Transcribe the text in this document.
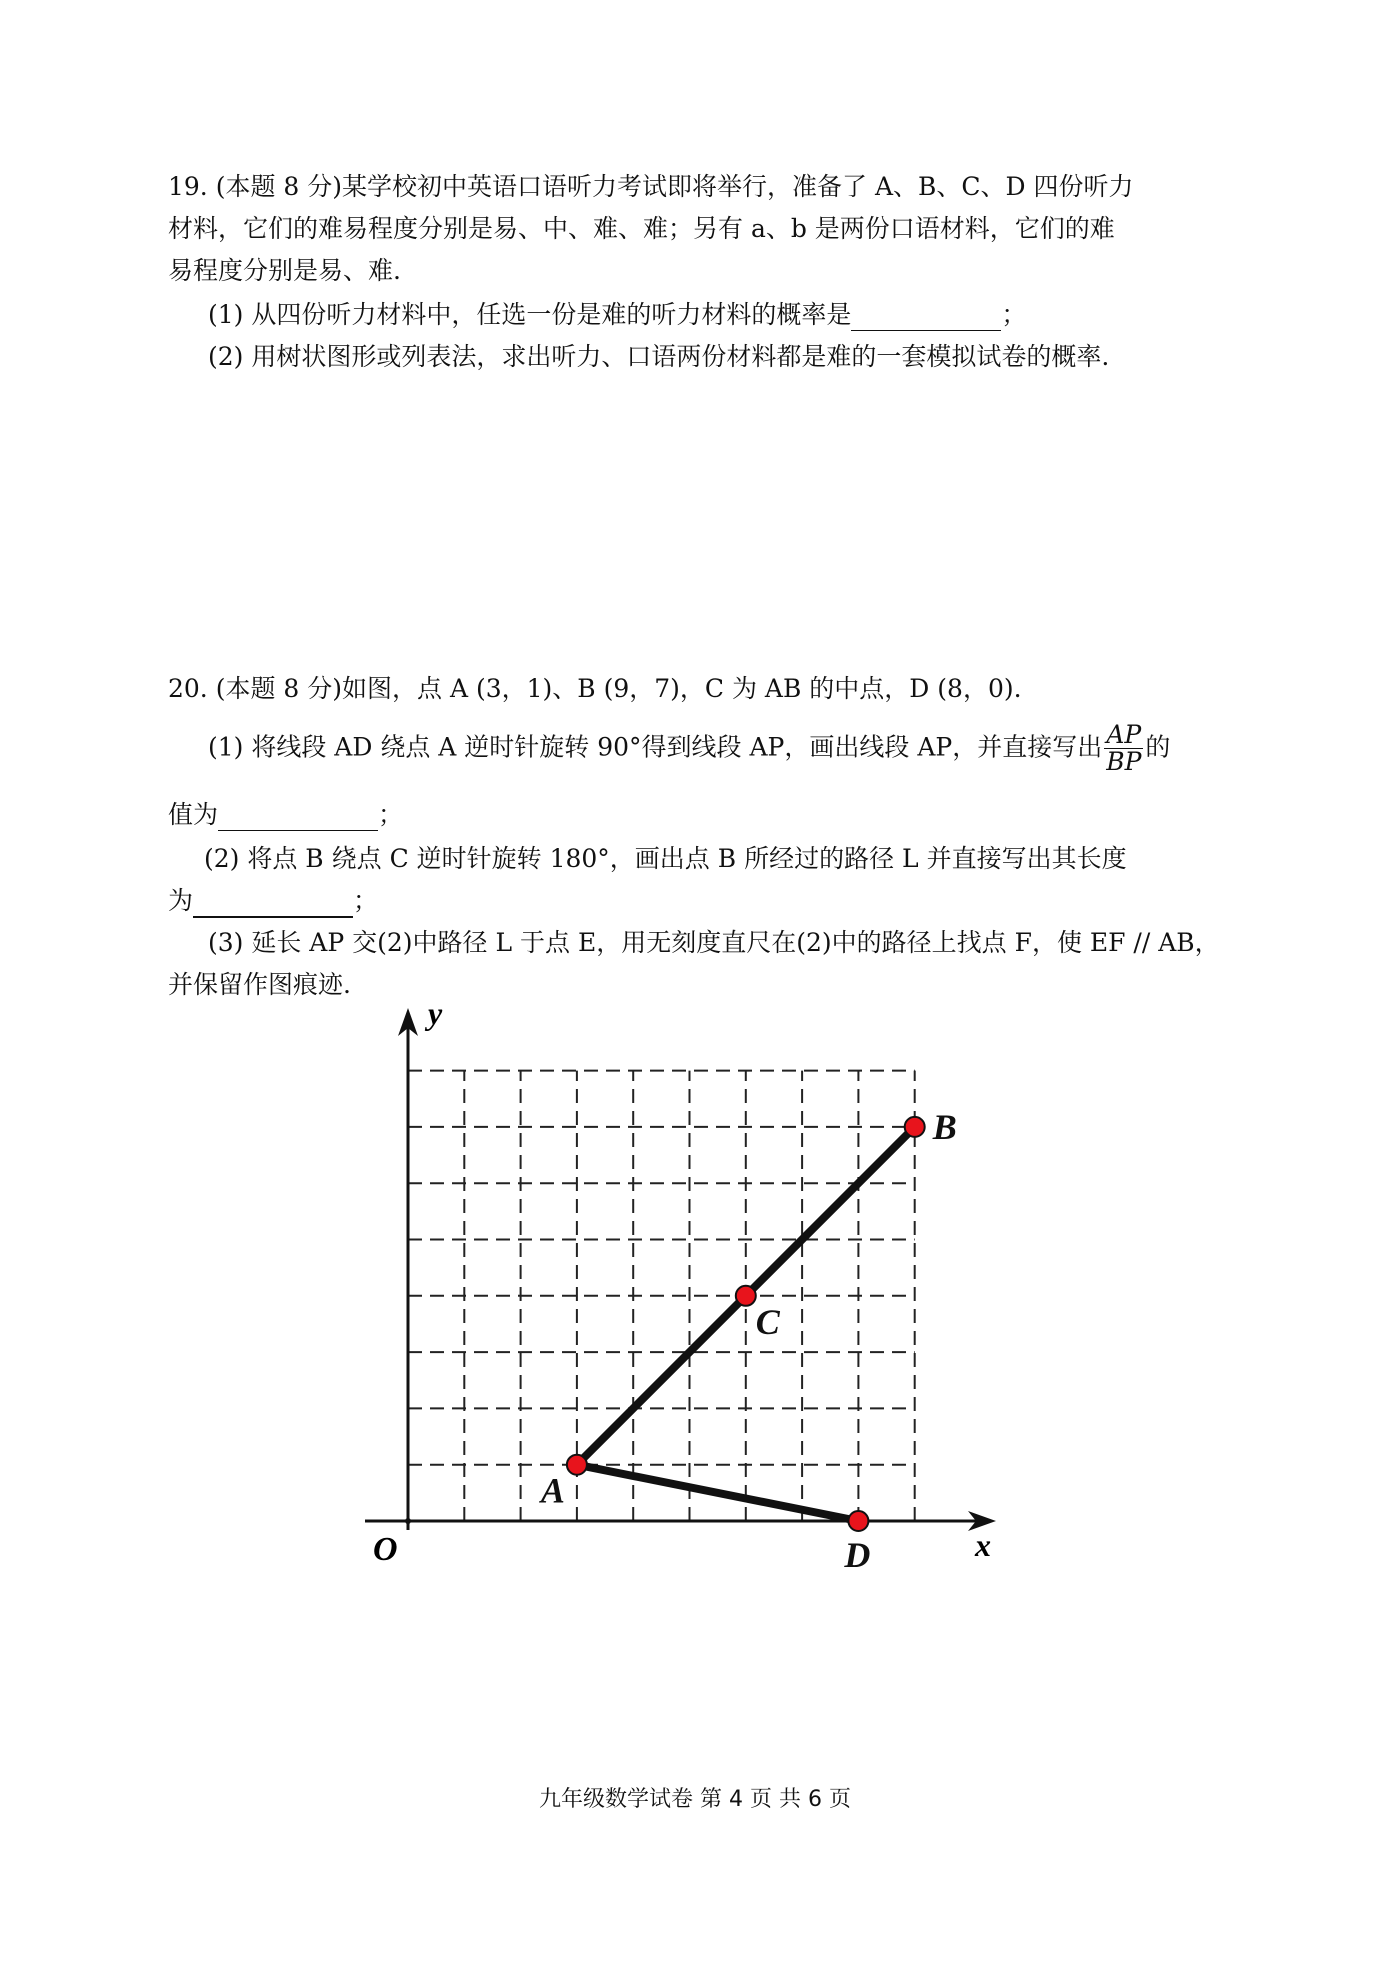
19. (本题 8 分)某学校初中英语口语听力考试即将举行，准备了 A、B、C、D 四份听力
材料，它们的难易程度分别是易、中、难、难；另有 a、b 是两份口语材料，它们的难
易程度分别是易、难.
(1) 从四份听力材料中，任选一份是难的听力材料的概率是	；
(2) 用树状图形或列表法，求出听力、口语两份材料都是难的一套模拟试卷的概率.
20. (本题 8 分)如图，点 A (3，1)、B (9，7)，C 为 AB 的中点，D (8，0).
(1) 将线段 AD 绕点 A 逆时针旋转 90°得到线段 AP，画出线段 AP，并直接写出 $\frac{AP}{BP}$ 的
值为	；
(2) 将点 B 绕点 C 逆时针旋转 180°，画出点 B 所经过的路径 L 并直接写出其长度
为	；
(3) 延长 AP 交(2)中路径 L 于点 E，用无刻度直尺在(2)中的路径上找点 F，使 EF // AB，
并保留作图痕迹.
y
x
O
A
B
C
D
九年级数学试卷 第 4 页 共 6 页
